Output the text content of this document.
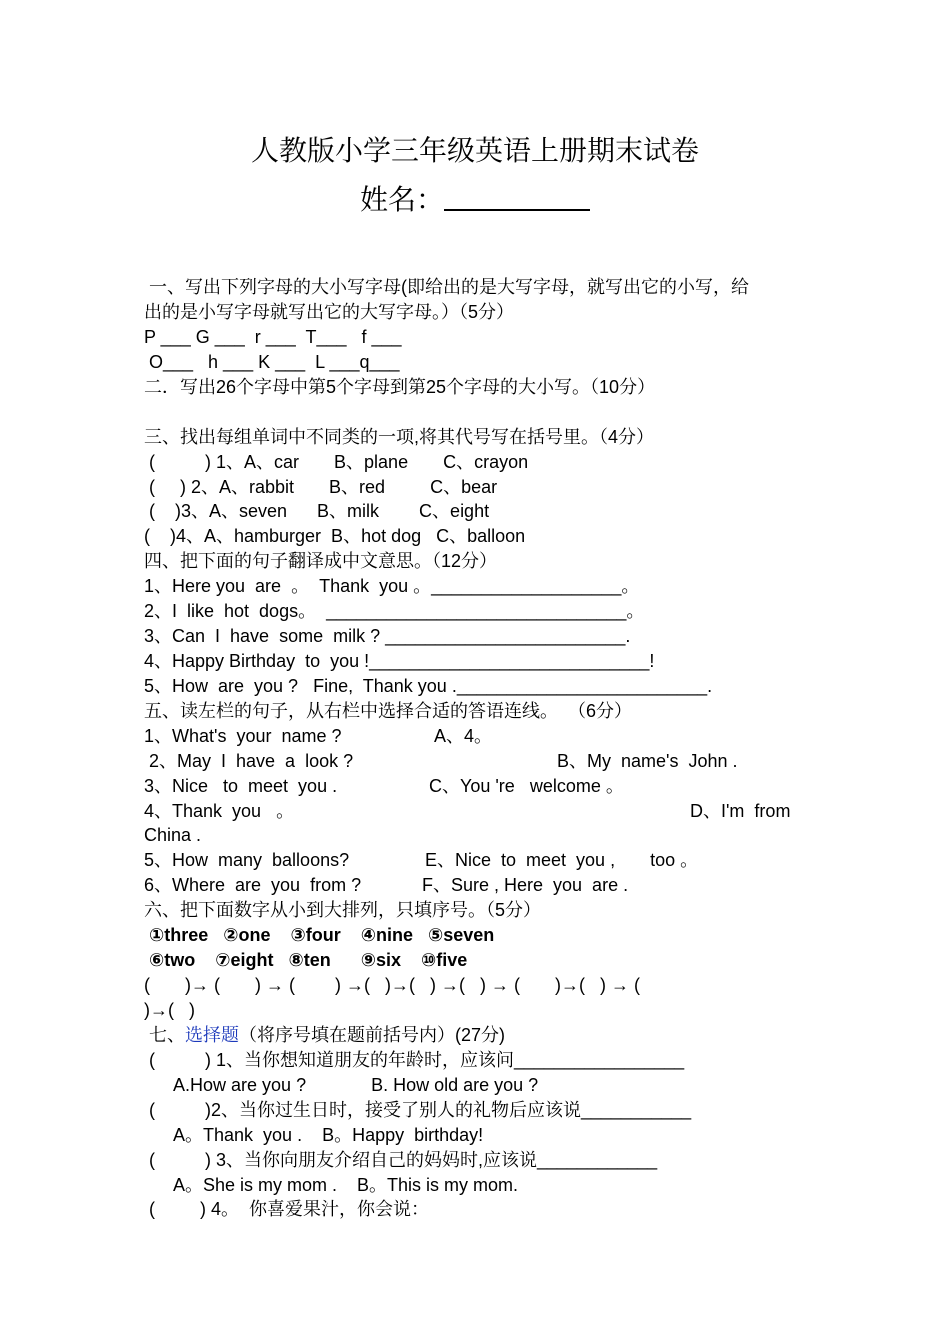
人教版小学三年级英语上册期末试卷
姓名：
一、写出下列字母的大小写字母(即给出的是大写字母，就写出它的小写，给
出的是小写字母就写出它的大写字母。）（5分）
P ___ G ___  r ___  T___   f ___
O___   h ___ K ___  L ___q___
二．写出26个字母中第5个字母到第25个字母的大小写。（10分）
三、找出每组单词中不同类的一项,将其代号写在括号里。（4分）
(          ) 1、A、car       B、plane       C、crayon
(     ) 2、A、rabbit       B、red         C、bear
(    )3、A、seven      B、milk        C、eight
(    )4、A、hamburger  B、hot dog   C、balloon
四、把下面的句子翻译成中文意思。（12分）
1、Here you  are  。  Thank  you 。___________________。
2、I  like  hot  dogs。  ______________________________。
3、Can  I  have  some  milk ? ________________________.
4、Happy Birthday  to  you !____________________________!
5、How  are  you ?   Fine,  Thank you ._________________________.
五、读左栏的句子，从右栏中选择合适的答语连线。  （6分）
1、What's  your  name ?	A、4。
2、May  I  have  a  look ?	B、My  name's  John .
3、Nice   to  meet  you .	C、You 're   welcome 。
4、Thank  you   。	D、I'm  from
China .
5、How  many  balloons?	E、Nice  to  meet  you ,       too 。
6、Where  are  you  from ?	F、Sure , Here  you  are .
六、把下面数字从小到大排列，只填序号。（5分）
①three   ②one    ③four    ④nine   ⑤seven
⑥two    ⑦eight   ⑧ten      ⑨six    ⑩five
(       )→ (       ) → (        ) →(   )→(   ) →(   ) → (       )→(   ) → (
)→(   )
七、选择题（将序号填在题前括号内）(27分)
(          ) 1、当你想知道朋友的年龄时，应该问_________________
A.How are you ?             B. How old are you ?
(          )2、当你过生日时，接受了别人的礼物后应该说___________
A。Thank  you .    B。Happy  birthday!
(          ) 3、当你向朋友介绍自己的妈妈时,应该说____________
A。She is my mom .    B。This is my mom.
(         ) 4。  你喜爱果汁，你会说：
